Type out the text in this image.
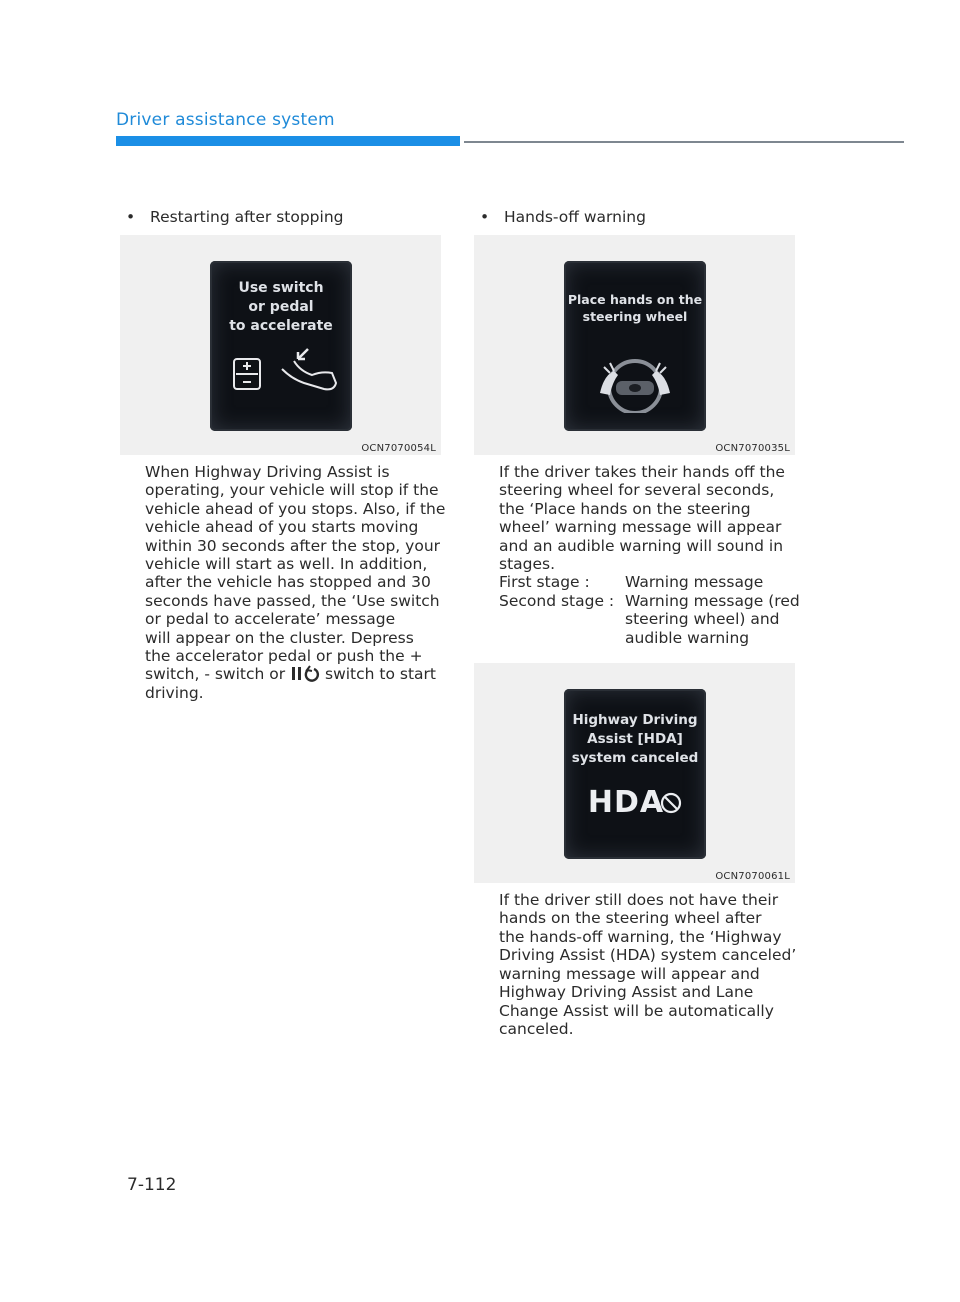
Driver assistance system
• Restarting after stopping
Use switch
or pedal
to accelerate
OCN7070054L
When Highway Driving Assist is
operating, your vehicle will stop if the
vehicle ahead of you stops. Also, if the
vehicle ahead of you starts moving
within 30 seconds after the stop, your
vehicle will start as well. In addition,
after the vehicle has stopped and 30
seconds have passed, the ‘Use switch
or pedal to accelerate’ message
will appear on the cluster. Depress
the accelerator pedal or push the +
switch, - switch or	switch to start
driving.
• Hands-off warning
Place hands on the
steering wheel
OCN7070035L
If the driver takes their hands off the
steering wheel for several seconds,
the ‘Place hands on the steering
wheel’ warning message will appear
and an audible warning will sound in
stages.
First stage :	Warning message
Second stage : Warning message (red
steering wheel) and
audible warning
Highway Driving
Assist [HDA]
system canceled
HDA
OCN7070061L
If the driver still does not have their
hands on the steering wheel after
the hands-off warning, the ‘Highway
Driving Assist (HDA) system canceled’
warning message will appear and
Highway Driving Assist and Lane
Change Assist will be automatically
canceled.
7-112
